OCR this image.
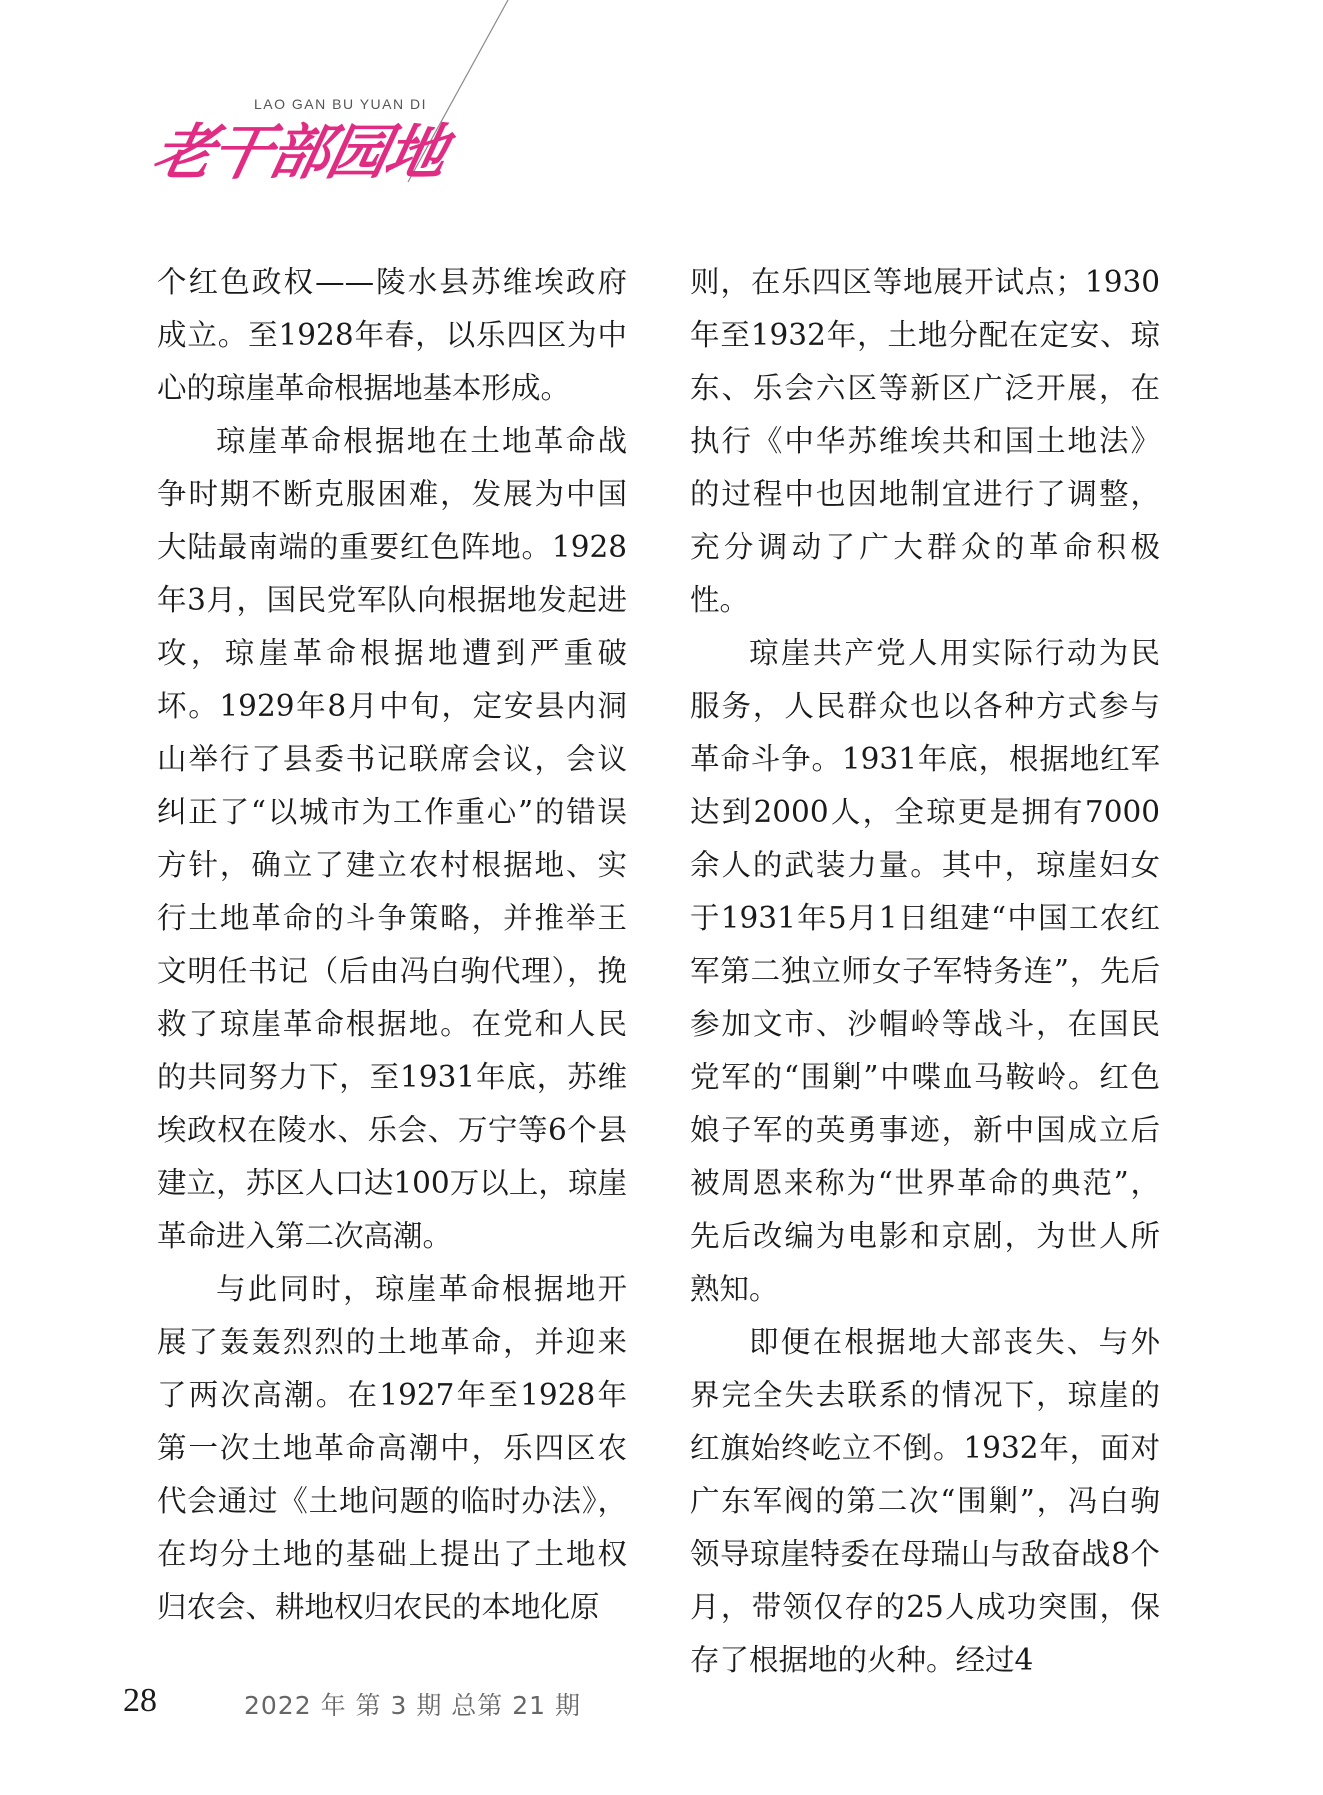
LAO GAN BU YUAN DI
老干部园地

个红色政权——陵水县苏维埃政府成立。至1928年春，以乐四区为中心的琼崖革命根据地基本形成。

琼崖革命根据地在土地革命战争时期不断克服困难，发展为中国大陆最南端的重要红色阵地。1928年3月，国民党军队向根据地发起进攻，琼崖革命根据地遭到严重破坏。1929年8月中旬，定安县内洞山举行了县委书记联席会议，会议纠正了“以城市为工作重心”的错误方针，确立了建立农村根据地、实行土地革命的斗争策略，并推举王文明任书记（后由冯白驹代理），挽救了琼崖革命根据地。在党和人民的共同努力下，至1931年底，苏维埃政权在陵水、乐会、万宁等6个县建立，苏区人口达100万以上，琼崖革命进入第二次高潮。

与此同时，琼崖革命根据地开展了轰轰烈烈的土地革命，并迎来了两次高潮。在1927年至1928年第一次土地革命高潮中，乐四区农代会通过《土地问题的临时办法》，在均分土地的基础上提出了土地权归农会、耕地权归农民的本地化原

则，在乐四区等地展开试点；1930年至1932年，土地分配在定安、琼东、乐会六区等新区广泛开展，在执行《中华苏维埃共和国土地法》的过程中也因地制宜进行了调整，充分调动了广大群众的革命积极性。

琼崖共产党人用实际行动为民服务，人民群众也以各种方式参与革命斗争。1931年底，根据地红军达到2000人，全琼更是拥有7000余人的武装力量。其中，琼崖妇女于1931年5月1日组建“中国工农红军第二独立师女子军特务连”，先后参加文市、沙帽岭等战斗，在国民党军的“围剿”中喋血马鞍岭。红色娘子军的英勇事迹，新中国成立后被周恩来称为“世界革命的典范”，先后改编为电影和京剧，为世人所熟知。

即便在根据地大部丧失、与外界完全失去联系的情况下，琼崖的红旗始终屹立不倒。1932年，面对广东军阀的第二次“围剿”，冯白驹领导琼崖特委在母瑞山与敌奋战8个月，带领仅存的25人成功突围，保存了根据地的火种。经过4

28	2022 年 第 3 期 总第 21 期
